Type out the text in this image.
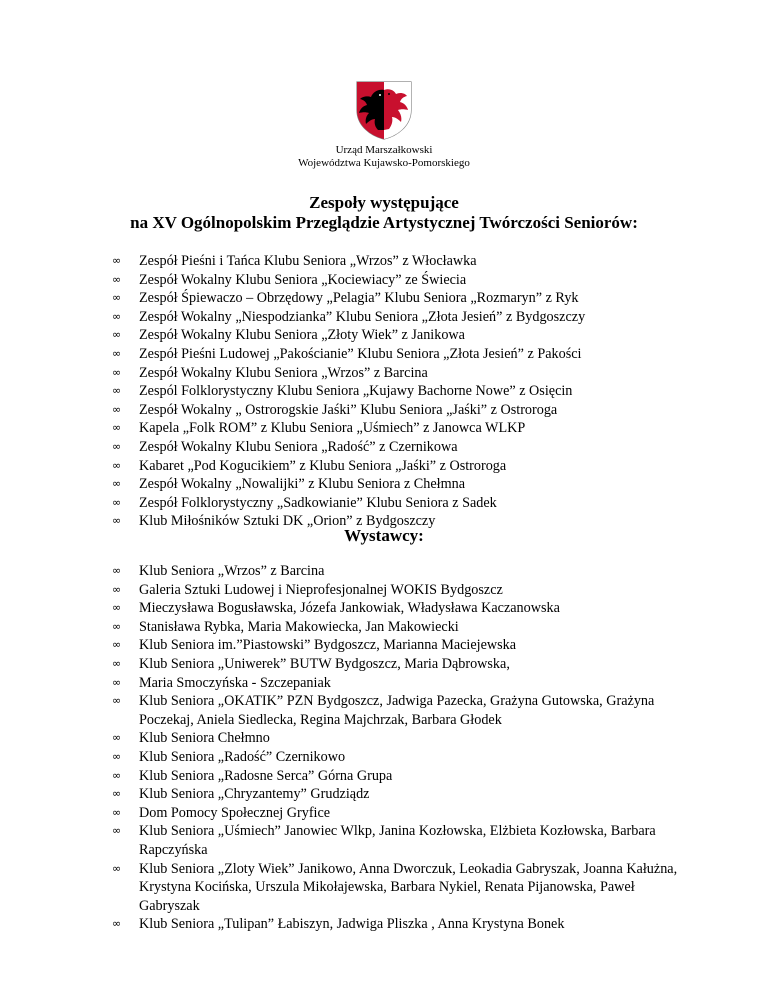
Urząd Marszałkowski
Województwa Kujawsko-Pomorskiego
Zespoły występujące
na XV Ogólnopolskim Przeglądzie Artystycznej Twórczości Seniorów:
∞ Zespół Pieśni i Tańca Klubu Seniora „Wrzos” z Włocławka
∞ Zespół Wokalny Klubu Seniora „Kociewiacy” ze Świecia
∞ Zespół Śpiewaczo – Obrzędowy „Pelagia” Klubu Seniora „Rozmaryn” z Ryk
∞ Zespół Wokalny „Niespodzianka” Klubu Seniora „Złota Jesień” z Bydgoszczy
∞ Zespół Wokalny Klubu Seniora „Złoty Wiek” z Janikowa
∞ Zespół Pieśni Ludowej „Pakościanie” Klubu Seniora „Złota Jesień” z Pakości
∞ Zespół Wokalny Klubu Seniora „Wrzos” z Barcina
∞ Zespól Folklorystyczny Klubu Seniora „Kujawy Bachorne Nowe” z Osięcin
∞ Zespół Wokalny „ Ostrorogskie Jaśki” Klubu Seniora „Jaśki” z Ostroroga
∞ Kapela „Folk ROM” z Klubu Seniora „Uśmiech” z Janowca WLKP
∞ Zespół Wokalny Klubu Seniora „Radość” z Czernikowa
∞ Kabaret „Pod Kogucikiem” z Klubu Seniora „Jaśki” z Ostroroga
∞ Zespół Wokalny „Nowalijki” z Klubu Seniora z Chełmna
∞ Zespół Folklorystyczny „Sadkowianie” Klubu Seniora z Sadek
∞ Klub Miłośników Sztuki DK „Orion” z Bydgoszczy
Wystawcy:
∞ Klub Seniora „Wrzos” z Barcina
∞ Galeria Sztuki Ludowej i Nieprofesjonalnej WOKIS Bydgoszcz
∞ Mieczysława Bogusławska, Józefa Jankowiak, Władysława Kaczanowska
∞ Stanisława Rybka, Maria Makowiecka, Jan Makowiecki
∞ Klub Seniora im.”Piastowski” Bydgoszcz, Marianna Maciejewska
∞ Klub Seniora „Uniwerek” BUTW Bydgoszcz, Maria Dąbrowska,
∞ Maria Smoczyńska - Szczepaniak
∞ Klub Seniora „OKATIK” PZN Bydgoszcz, Jadwiga Pazecka, Grażyna Gutowska, Grażyna Poczekaj, Aniela Siedlecka, Regina Majchrzak, Barbara Głodek
∞ Klub Seniora Chełmno
∞ Klub Seniora „Radość” Czernikowo
∞ Klub Seniora „Radosne Serca” Górna Grupa
∞ Klub Seniora „Chryzantemy” Grudziądz
∞ Dom Pomocy Społecznej Gryfice
∞ Klub Seniora „Uśmiech” Janowiec Wlkp, Janina Kozłowska, Elżbieta Kozłowska, Barbara Rapczyńska
∞ Klub Seniora „Zloty Wiek” Janikowo, Anna Dworczuk, Leokadia Gabryszak, Joanna Kałużna, Krystyna Kocińska, Urszula Mikołajewska, Barbara Nykiel, Renata Pijanowska, Paweł Gabryszak
∞ Klub Seniora „Tulipan” Łabiszyn, Jadwiga Pliszka , Anna Krystyna Bonek
